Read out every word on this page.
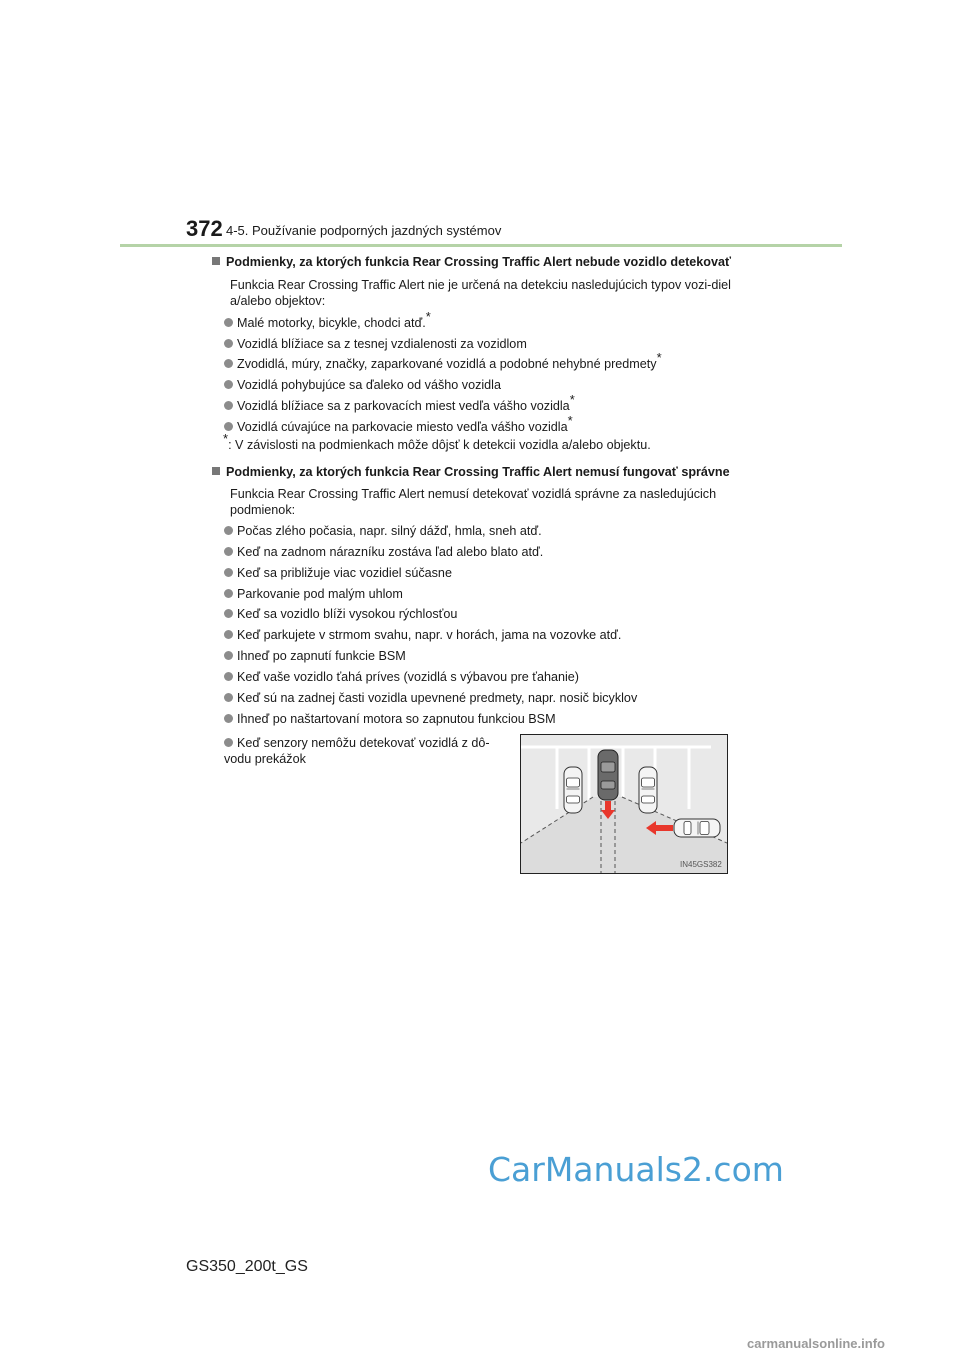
372 4-5. Používanie podporných jazdných systémov
Podmienky, za ktorých funkcia Rear Crossing Traffic Alert nebude vozidlo detekovať
Funkcia Rear Crossing Traffic Alert nie je určená na detekciu nasledujúcich typov vozi-diel a/alebo objektov:
Malé motorky, bicykle, chodci atď.*
Vozidlá blížiace sa z tesnej vzdialenosti za vozidlom
Zvodidlá, múry, značky, zaparkované vozidlá a podobné nehybné predmety*
Vozidlá pohybujúce sa ďaleko od vášho vozidla
Vozidlá blížiace sa z parkovacích miest vedľa vášho vozidla*
Vozidlá cúvajúce na parkovacie miesto vedľa vášho vozidla*
*: V závislosti na podmienkach môže dôjsť k detekcii vozidla a/alebo objektu.
Podmienky, za ktorých funkcia Rear Crossing Traffic Alert nemusí fungovať správne
Funkcia Rear Crossing Traffic Alert nemusí detekovať vozidlá správne za nasledujúcich podmienok:
Počas zlého počasia, napr. silný dážď, hmla, sneh atď.
Keď na zadnom nárazníku zostáva ľad alebo blato atď.
Keď sa približuje viac vozidiel súčasne
Parkovanie pod malým uhlom
Keď sa vozidlo blíži vysokou rýchlosťou
Keď parkujete v strmom svahu, napr. v horách, jama na vozovke atď.
Ihneď po zapnutí funkcie BSM
Keď vaše vozidlo ťahá príves (vozidlá s výbavou pre ťahanie)
Keď sú na zadnej časti vozidla upevnené predmety, napr. nosič bicyklov
Ihneď po naštartovaní motora so zapnutou funkciou BSM
Keď senzory nemôžu detekovať vozidlá z dô-vodu prekážok
IN45GS382
CarManuals2.com
GS350_200t_GS
carmanualsonline.info
